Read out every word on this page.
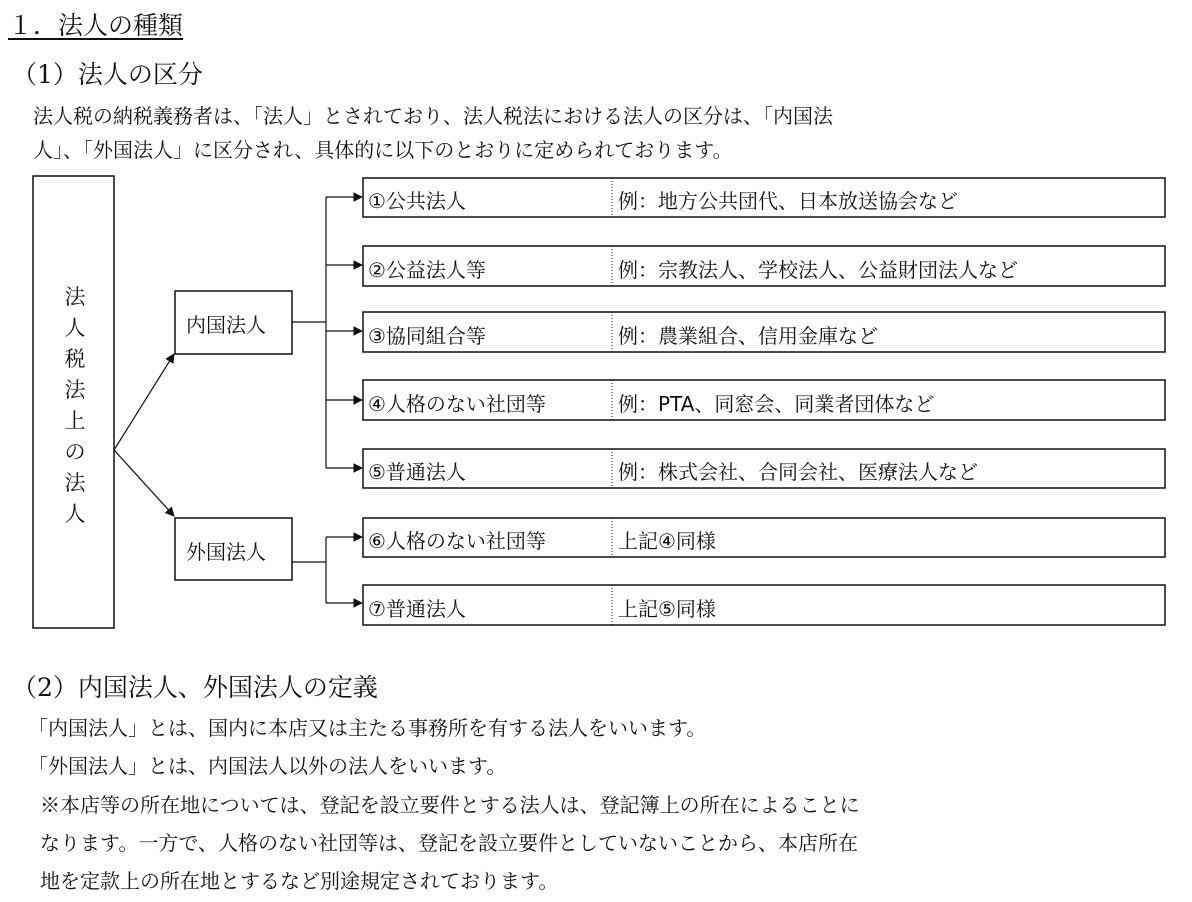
１．法人の種類
（1）法人の区分
法人税の納税義務者は、「法人」とされており、法人税法における法人の区分は、「内国法
人」、「外国法人」に区分され、具体的に以下のとおりに定められております。
法人税法上の法人
内国法人
外国法人
①公共法人	例：地方公共団代、日本放送協会など
②公益法人等	例：宗教法人、学校法人、公益財団法人など
③協同組合等	例：農業組合、信用金庫など
④人格のない社団等	例：PTA、同窓会、同業者団体など
⑤普通法人	例：株式会社、合同会社、医療法人など
⑥人格のない社団等	上記④同様
⑦普通法人	上記⑤同様
（2）内国法人、外国法人の定義
「内国法人」とは、国内に本店又は主たる事務所を有する法人をいいます。
「外国法人」とは、内国法人以外の法人をいいます。
※本店等の所在地については、登記を設立要件とする法人は、登記簿上の所在によることに
なります。一方で、人格のない社団等は、登記を設立要件としていないことから、本店所在
地を定款上の所在地とするなど別途規定されております。
